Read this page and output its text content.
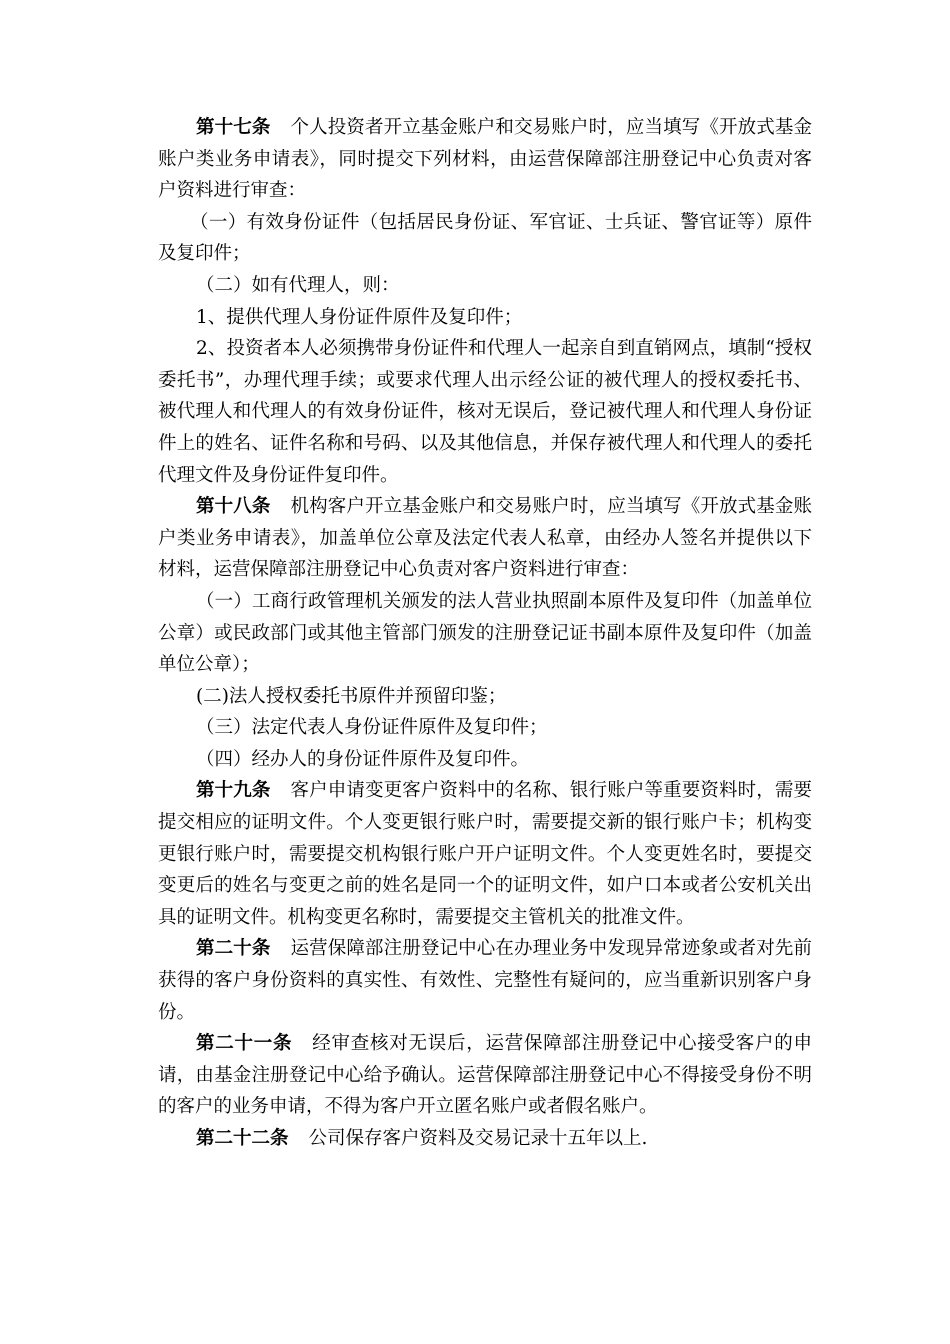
第十七条 个人投资者开立基金账户和交易账户时，应当填写《开放式基金账户类业务申请表》，同时提交下列材料，由运营保障部注册登记中心负责对客户资料进行审查：

（一）有效身份证件（包括居民身份证、军官证、士兵证、警官证等）原件及复印件；

（二）如有代理人，则：

1、提供代理人身份证件原件及复印件；

2、投资者本人必须携带身份证件和代理人一起亲自到直销网点，填制“授权委托书”，办理代理手续；或要求代理人出示经公证的被代理人的授权委托书、被代理人和代理人的有效身份证件，核对无误后，登记被代理人和代理人身份证件上的姓名、证件名称和号码、以及其他信息，并保存被代理人和代理人的委托代理文件及身份证件复印件。

第十八条 机构客户开立基金账户和交易账户时，应当填写《开放式基金账户类业务申请表》，加盖单位公章及法定代表人私章，由经办人签名并提供以下材料，运营保障部注册登记中心负责对客户资料进行审查：

（一）工商行政管理机关颁发的法人营业执照副本原件及复印件（加盖单位公章）或民政部门或其他主管部门颁发的注册登记证书副本原件及复印件（加盖单位公章）；

(二)法人授权委托书原件并预留印鉴；

（三）法定代表人身份证件原件及复印件；

（四）经办人的身份证件原件及复印件。

第十九条 客户申请变更客户资料中的名称、银行账户等重要资料时，需要提交相应的证明文件。个人变更银行账户时，需要提交新的银行账户卡；机构变更银行账户时，需要提交机构银行账户开户证明文件。个人变更姓名时，要提交变更后的姓名与变更之前的姓名是同一个的证明文件，如户口本或者公安机关出具的证明文件。机构变更名称时，需要提交主管机关的批准文件。

第二十条 运营保障部注册登记中心在办理业务中发现异常迹象或者对先前获得的客户身份资料的真实性、有效性、完整性有疑问的，应当重新识别客户身份。

第二十一条 经审查核对无误后，运营保障部注册登记中心接受客户的申请，由基金注册登记中心给予确认。运营保障部注册登记中心不得接受身份不明的客户的业务申请，不得为客户开立匿名账户或者假名账户。

第二十二条 公司保存客户资料及交易记录十五年以上.
